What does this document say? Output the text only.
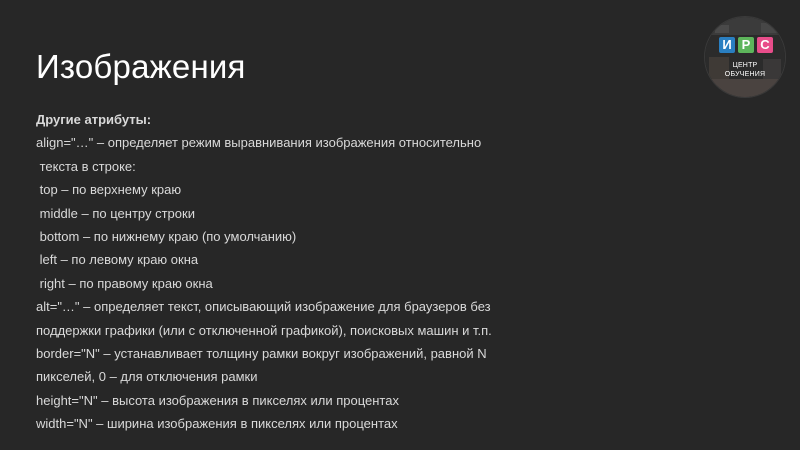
Изображения
Другие атрибуты:
align="…" – определяет режим выравнивания изображения относительно
текста в строке:
top – по верхнему краю
middle – по центру строки
bottom – по нижнему краю (по умолчанию)
left – по левому краю окна
right – по правому краю окна
alt="…" – определяет текст, описывающий изображение для браузеров без
поддержки графики (или с отключенной графикой), поисковых машин и т.п.
border="N" – устанавливает толщину рамки вокруг изображений, равной N
пикселей, 0 – для отключения рамки
height="N" – высота изображения в пикселях или процентах
width="N" – ширина изображения в пикселях или процентах
И Р С
ЦЕНТР
ОБУЧЕНИЯ
